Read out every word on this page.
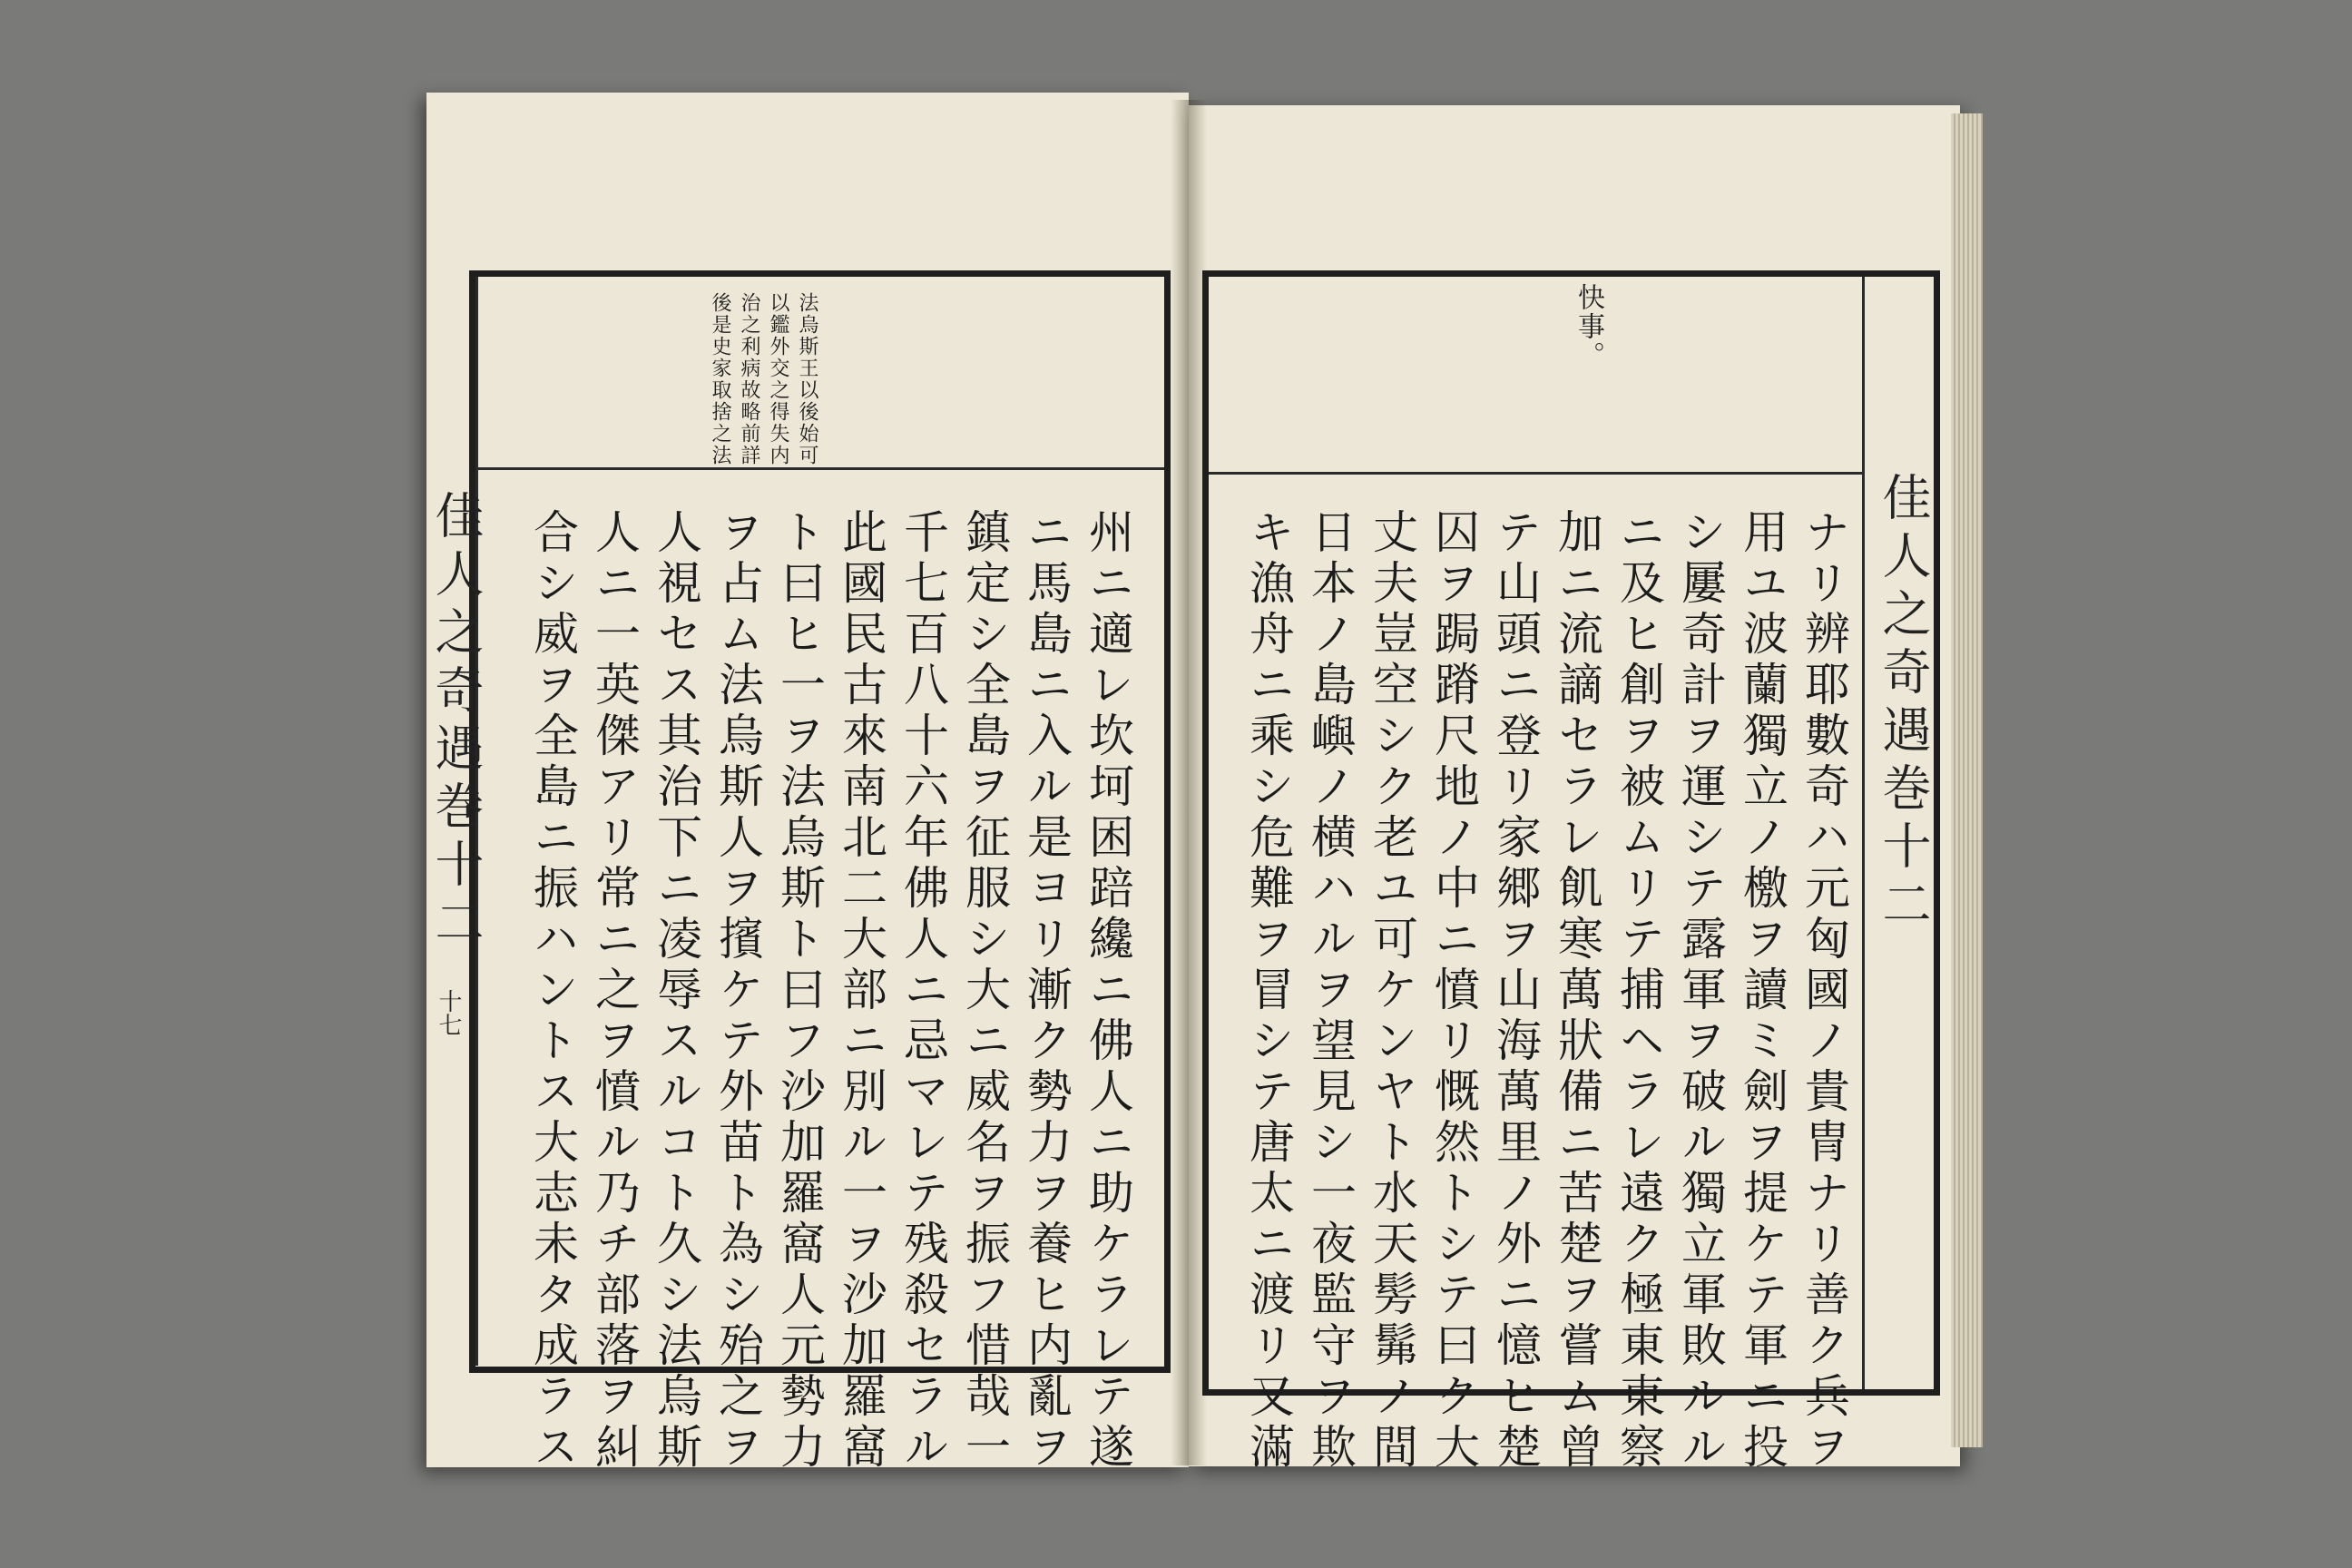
佳人之奇遇巻十二
十七
法烏斯王以後始可
以鑑外交之得失内
治之利病故略前詳
後是史家取捨之法
州ニ適レ坎坷困踣纔ニ佛人ニ助ケラレテ遂
ニ馬島ニ入ル是ヨリ漸ク勢力ヲ養ヒ内亂ヲ
鎮定シ全島ヲ征服シ大ニ威名ヲ振フ惜哉一
千七百八十六年佛人ニ忌マレテ残殺セラル
此國民古來南北二大部ニ別ル一ヲ沙加羅窩
ト曰ヒ一ヲ法烏斯ト曰フ沙加羅窩人元勢力
ヲ占ム法烏斯人ヲ擯ケテ外苗ト為シ殆之ヲ
人視セス其治下ニ凌辱スルコト久シ法烏斯
人ニ一英傑アリ常ニ之ヲ憤ル乃チ部落ヲ糾
合シ威ヲ全島ニ振ハントス大志未タ成ラス
快事。
佳人之奇遇巻十二
ナリ辨耶數奇ハ元匈國ノ貴冑ナリ善ク兵ヲ
用ユ波蘭獨立ノ檄ヲ讀ミ劍ヲ提ケテ軍ニ投
シ屢奇計ヲ運シテ露軍ヲ破ル獨立軍敗ルル
ニ及ヒ創ヲ被ムリテ捕ヘラレ遠ク極東東察
加ニ流謫セラレ飢寒萬狀備ニ苦楚ヲ嘗ム曾
テ山頭ニ登リ家郷ヲ山海萬里ノ外ニ憶ヒ楚
囚ヲ跼蹐尺地ノ中ニ憤リ慨然トシテ曰ク大
丈夫豈空シク老ユ可ケンヤト水天髣髴ノ間
日本ノ島嶼ノ横ハルヲ望見シ一夜監守ヲ欺
キ漁舟ニ乘シ危難ヲ冒シテ唐太ニ渡リ又滿
